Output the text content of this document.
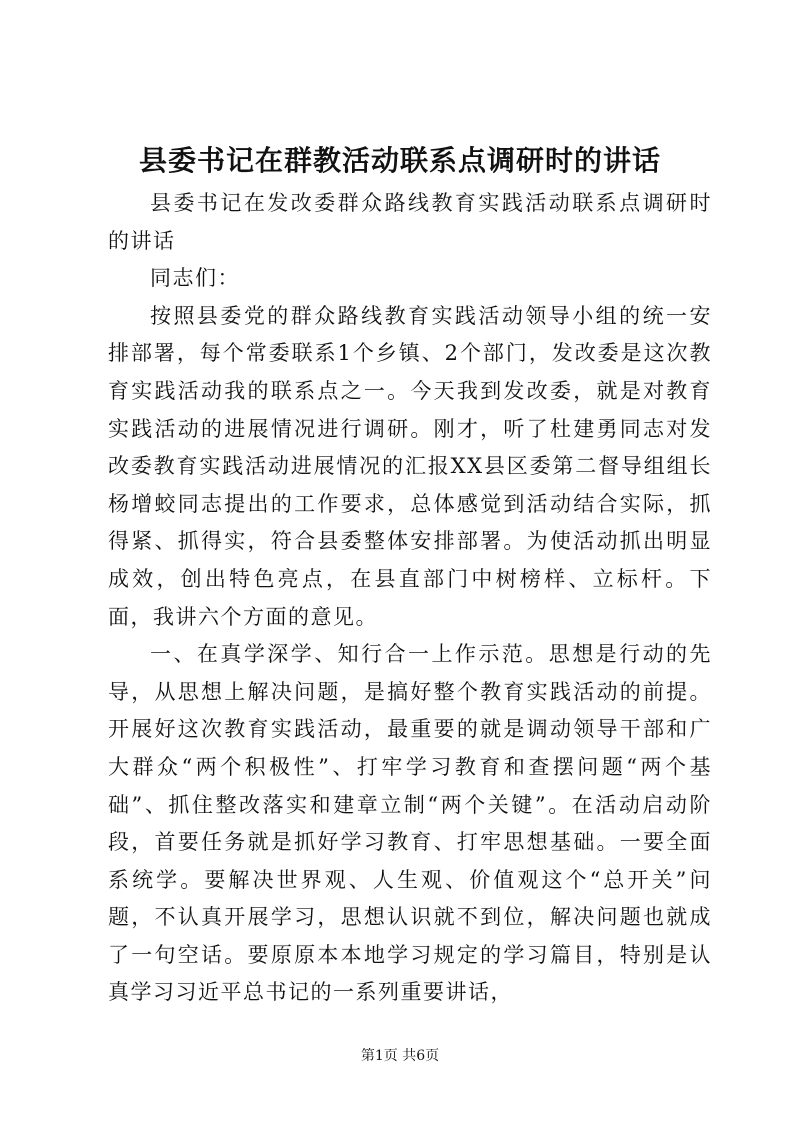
县委书记在群教活动联系点调研时的讲话

县委书记在发改委群众路线教育实践活动联系点调研时的讲话

同志们：

按照县委党的群众路线教育实践活动领导小组的统一安排部署，每个常委联系1个乡镇、2个部门，发改委是这次教育实践活动我的联系点之一。今天我到发改委，就是对教育实践活动的进展情况进行调研。刚才，听了杜建勇同志对发改委教育实践活动进展情况的汇报XX县区委第二督导组组长杨增蛟同志提出的工作要求，总体感觉到活动结合实际，抓得紧、抓得实，符合县委整体安排部署。为使活动抓出明显成效，创出特色亮点，在县直部门中树榜样、立标杆。下面，我讲六个方面的意见。

一、在真学深学、知行合一上作示范。思想是行动的先导，从思想上解决问题，是搞好整个教育实践活动的前提。开展好这次教育实践活动，最重要的就是调动领导干部和广大群众“两个积极性”、打牢学习教育和查摆问题“两个基础”、抓住整改落实和建章立制“两个关键”。在活动启动阶段，首要任务就是抓好学习教育、打牢思想基础。一要全面系统学。要解决世界观、人生观、价值观这个“总开关”问题，不认真开展学习，思想认识就不到位，解决问题也就成了一句空话。要原原本本地学习规定的学习篇目，特别是认真学习习近平总书记的一系列重要讲话，

第1页 共6页
